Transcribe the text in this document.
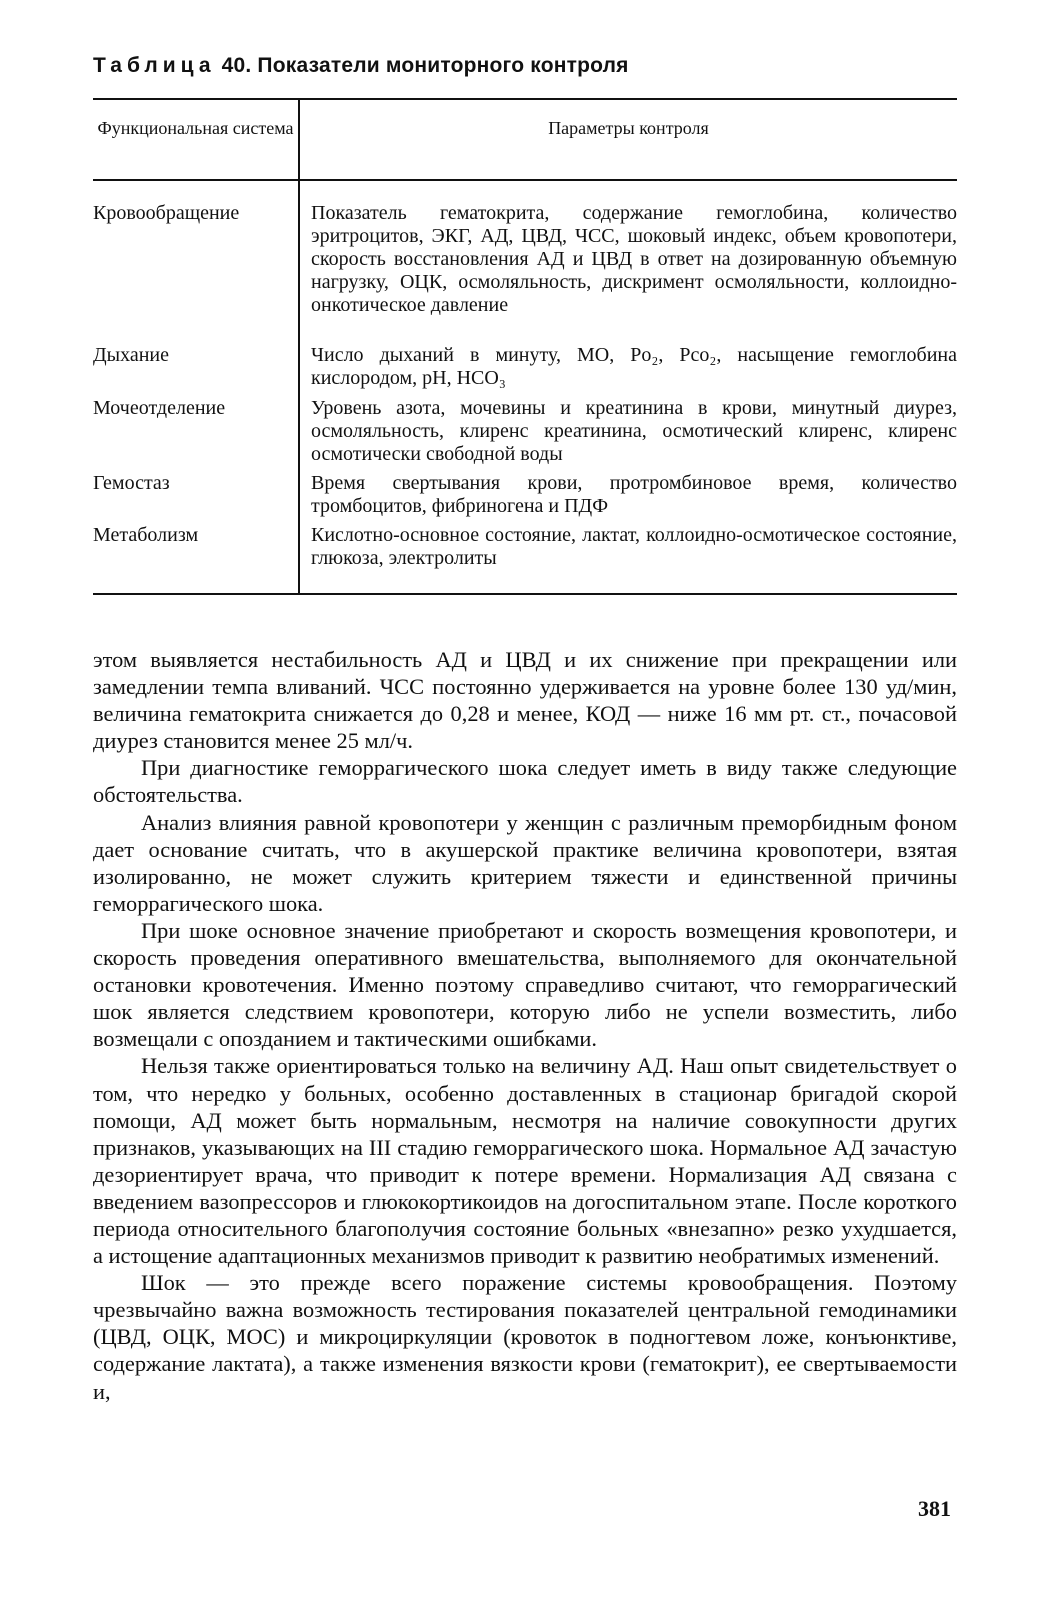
Таблица 40. Показатели мониторного контроля
Функциональная система	Параметры контроля
Кровообращение	Показатель гематокрита, содержание гемоглобина, количество эритроцитов, ЭКГ, АД, ЦВД, ЧСС, шоковый индекс, объем кровопотери, скорость восстановления АД и ЦВД в ответ на дозированную объемную нагрузку, ОЦК, осмоляльность, дискримент осмоляльности, коллоидно-онкотическое давление
Дыхание	Число дыханий в минуту, МО, Po₂, Pco₂, насыщение гемоглобина кислородом, pH, HCO₃
Мочеотделение	Уровень азота, мочевины и креатинина в крови, минутный диурез, осмоляльность, клиренс креатинина, осмотический клиренс, клиренс осмотически свободной воды
Гемостаз	Время свертывания крови, протромбиновое время, количество тромбоцитов, фибриногена и ПДФ
Метаболизм	Кислотно-основное состояние, лактат, коллоидно-осмотическое состояние, глюкоза, электролиты

этом выявляется нестабильность АД и ЦВД и их снижение при прекращении или замедлении темпа вливаний. ЧСС постоянно удерживается на уровне более 130 уд/мин, величина гематокрита снижается до 0,28 и менее, КОД — ниже 16 мм рт. ст., почасовой диурез становится менее 25 мл/ч.

При диагностике геморрагического шока следует иметь в виду также следующие обстоятельства.

Анализ влияния равной кровопотери у женщин с различным преморбидным фоном дает основание считать, что в акушерской практике величина кровопотери, взятая изолированно, не может служить критерием тяжести и единственной причины геморрагического шока.

При шоке основное значение приобретают и скорость возмещения кровопотери, и скорость проведения оперативного вмешательства, выполняемого для окончательной остановки кровотечения. Именно поэтому справедливо считают, что геморрагический шок является следствием кровопотери, которую либо не успели возместить, либо возмещали с опозданием и тактическими ошибками.

Нельзя также ориентироваться только на величину АД. Наш опыт свидетельствует о том, что нередко у больных, особенно доставленных в стационар бригадой скорой помощи, АД может быть нормальным, несмотря на наличие совокупности других признаков, указывающих на III стадию геморрагического шока. Нормальное АД зачастую дезориентирует врача, что приводит к потере времени. Нормализация АД связана с введением вазопрессоров и глюкокортикоидов на догоспитальном этапе. После короткого периода относительного благополучия состояние больных «внезапно» резко ухудшается, а истощение адаптационных механизмов приводит к развитию необратимых изменений.

Шок — это прежде всего поражение системы кровообращения. Поэтому чрезвычайно важна возможность тестирования показателей центральной гемодинамики (ЦВД, ОЦК, МОС) и микроциркуляции (кровоток в подногтевом ложе, конъюнктиве, содержание лактата), а также изменения вязкости крови (гематокрит), ее свертываемости и,

381
